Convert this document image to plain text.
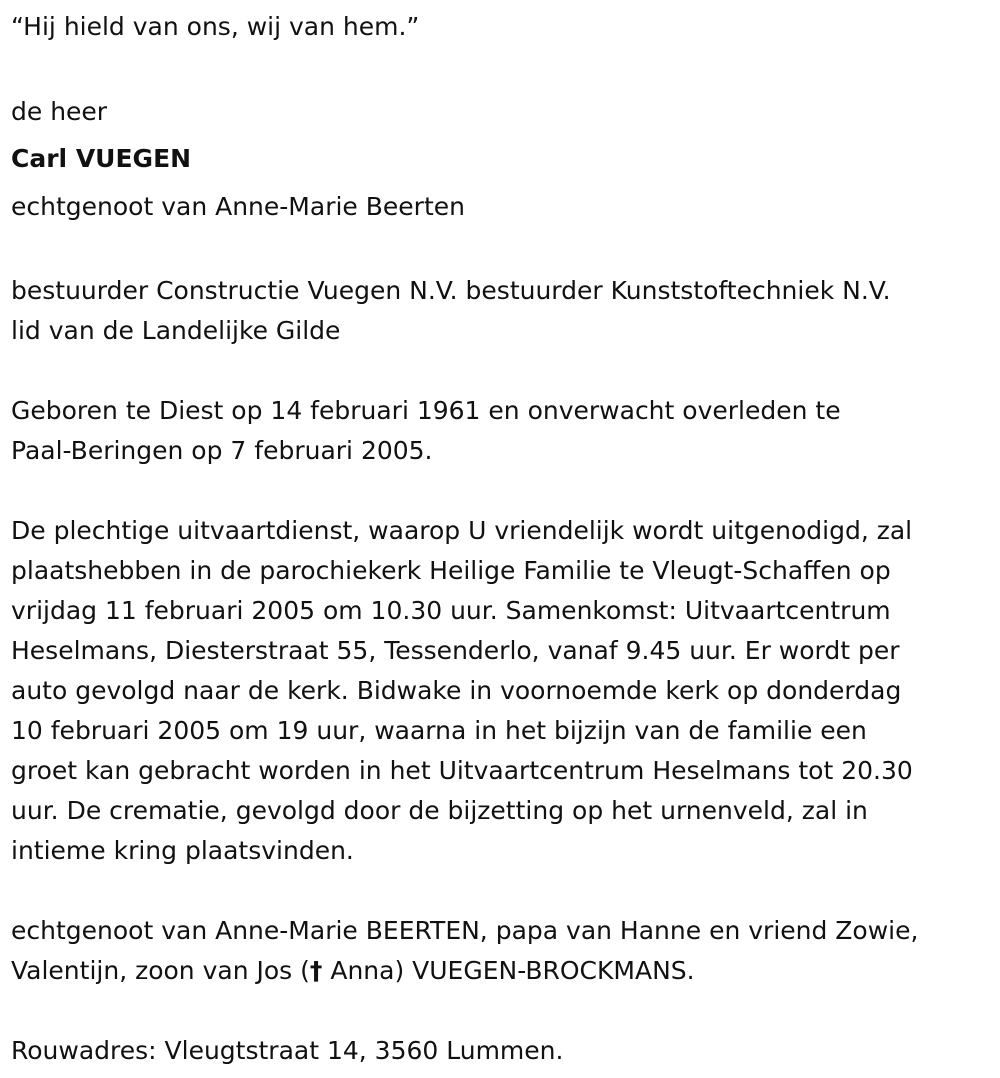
“Hij hield van ons, wij van hem.”

de heer

Carl VUEGEN

echtgenoot van Anne-Marie Beerten

bestuurder Constructie Vuegen N.V. bestuurder Kunststoftechniek N.V.

lid van de Landelijke Gilde

Geboren te Diest op 14 februari 1961 en onverwacht overleden te

Paal-Beringen op 7 februari 2005.

De plechtige uitvaartdienst, waarop U vriendelijk wordt uitgenodigd, zal

plaatshebben in de parochiekerk Heilige Familie te Vleugt-Schaffen op

vrijdag 11 februari 2005 om 10.30 uur. Samenkomst: Uitvaartcentrum

Heselmans, Diesterstraat 55, Tessenderlo, vanaf 9.45 uur. Er wordt per

auto gevolgd naar de kerk. Bidwake in voornoemde kerk op donderdag

10 februari 2005 om 19 uur, waarna in het bijzijn van de familie een

groet kan gebracht worden in het Uitvaartcentrum Heselmans tot 20.30

uur. De crematie, gevolgd door de bijzetting op het urnenveld, zal in

intieme kring plaatsvinden.

echtgenoot van Anne-Marie BEERTEN, papa van Hanne en vriend Zowie,

Valentijn, zoon van Jos († Anna) VUEGEN-BROCKMANS.

Rouwadres: Vleugtstraat 14, 3560 Lummen.
